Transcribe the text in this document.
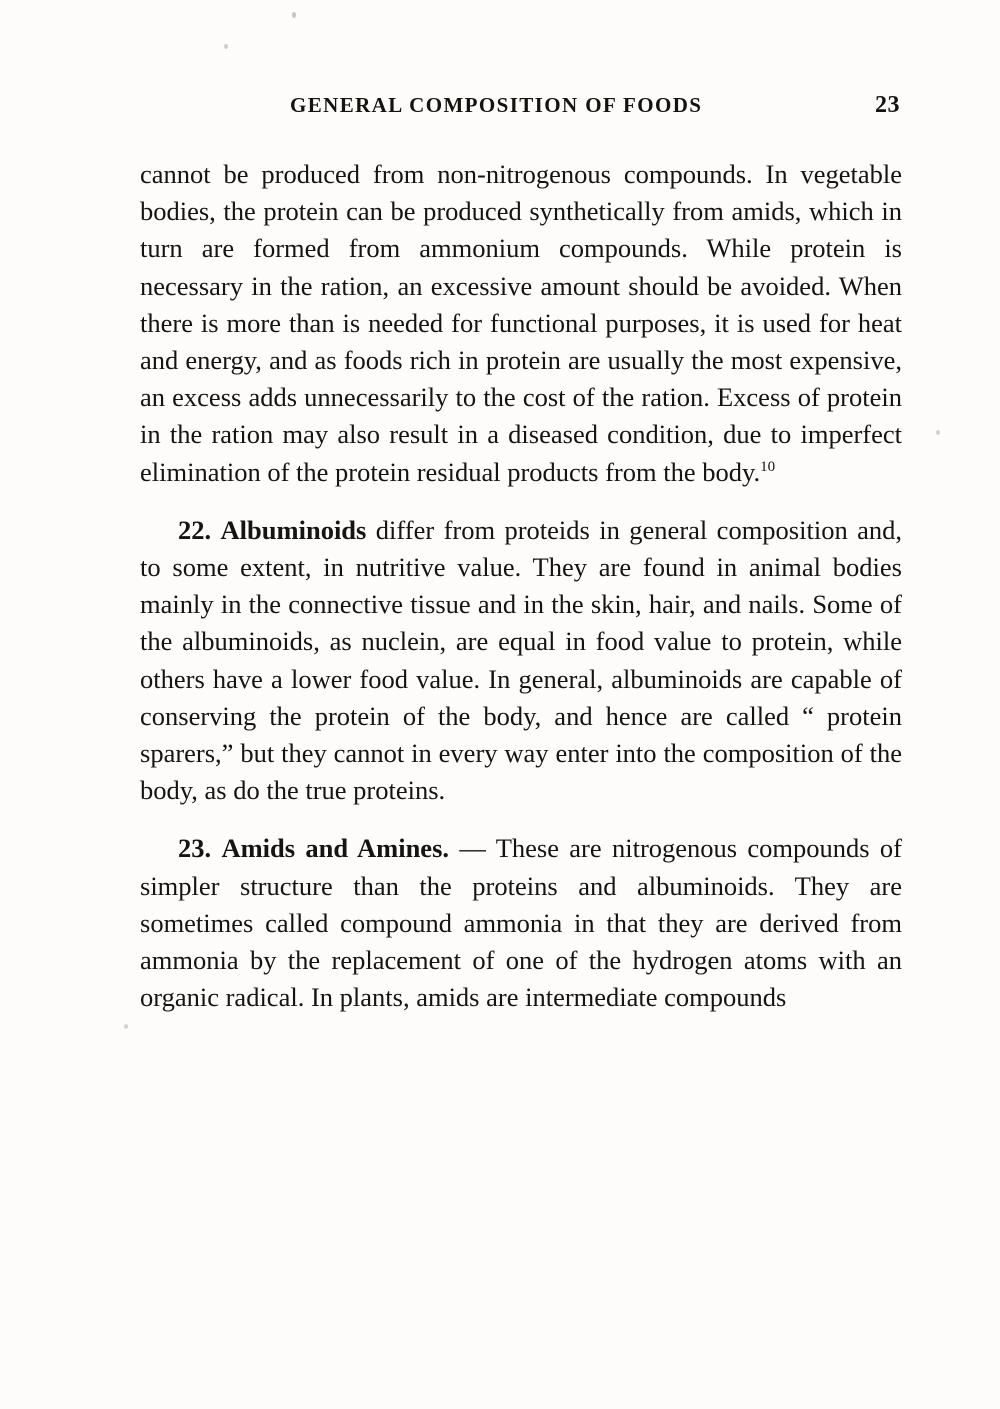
GENERAL COMPOSITION OF FOODS	23

cannot be produced from non-nitrogenous compounds. In vegetable bodies, the protein can be produced synthetically from amids, which in turn are formed from ammonium compounds. While protein is necessary in the ration, an excessive amount should be avoided. When there is more than is needed for functional purposes, it is used for heat and energy, and as foods rich in protein are usually the most expensive, an excess adds unnecessarily to the cost of the ration. Excess of protein in the ration may also result in a diseased condition, due to imperfect elimination of the protein residual products from the body.$^{10}$

22. Albuminoids differ from proteids in general composition and, to some extent, in nutritive value. They are found in animal bodies mainly in the connective tissue and in the skin, hair, and nails. Some of the albuminoids, as nuclein, are equal in food value to protein, while others have a lower food value. In general, albuminoids are capable of conserving the protein of the body, and hence are called “ protein sparers,” but they cannot in every way enter into the composition of the body, as do the true proteins.

23. Amids and Amines. — These are nitrogenous compounds of simpler structure than the proteins and albuminoids. They are sometimes called compound ammonia in that they are derived from ammonia by the replacement of one of the hydrogen atoms with an organic radical. In plants, amids are intermediate compounds
